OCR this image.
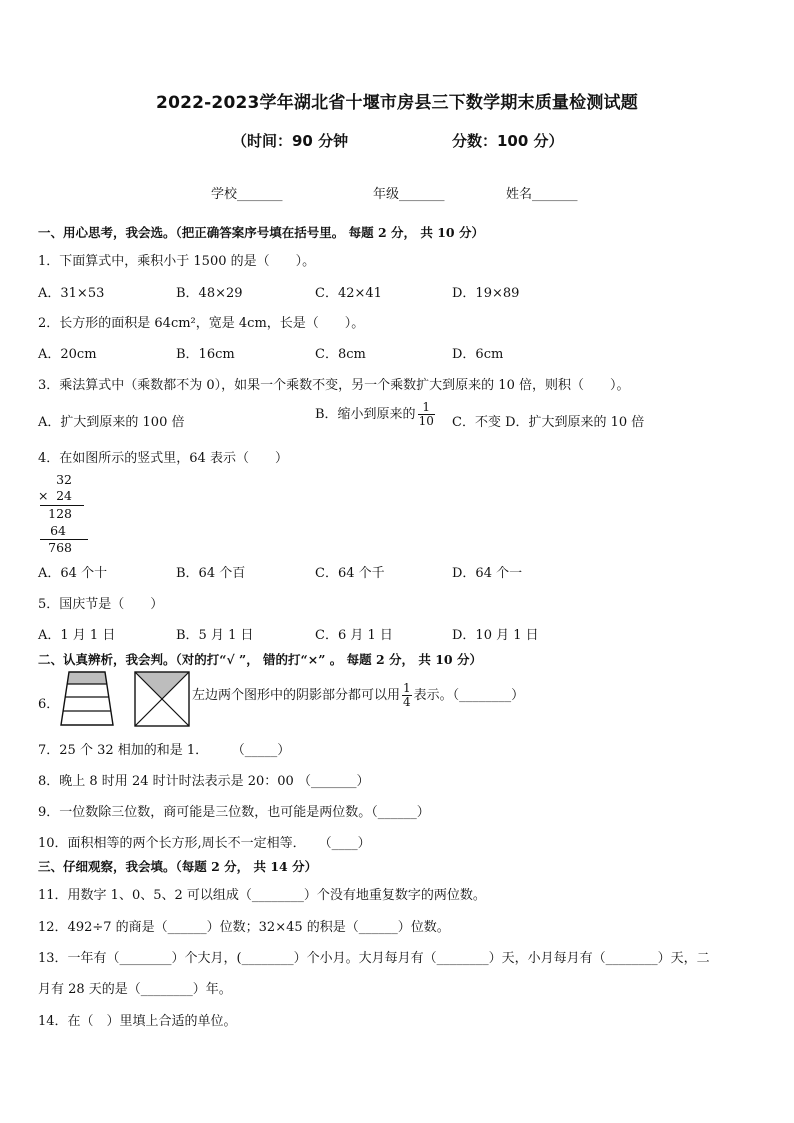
2022-2023学年湖北省十堰市房县三下数学期末质量检测试题
（时间：90 分钟	分数：100 分）
学校_______	年级_______	姓名_______
一、用心思考，我会选。（把正确答案序号填在括号里。 每题 2 分， 共 10 分）
1．下面算式中，乘积小于 1500 的是（　　）。
A．31×53	B．48×29	C．42×41	D．19×89
2．长方形的面积是 64cm²，宽是 4cm，长是（　　）。
A．20cm	B．16cm	C．8cm	D．6cm
3．乘法算式中（乘数都不为 0），如果一个乘数不变，另一个乘数扩大到原来的 10 倍，则积（　　）。
A．扩大到原来的 100 倍
B．缩小到原来的 $\frac{1}{10}$ C．不变 D．扩大到原来的 10 倍
4．在如图所示的竖式里，64 表示（　　）
32
× 24
128
64
768
A．64 个十	B．64 个百	C．64 个千	D．64 个一
5．国庆节是（　　）
A．1 月 1 日	B．5 月 1 日	C．6 月 1 日	D．10 月 1 日
二、认真辨析，我会判。（对的打“√ ”， 错的打“×” 。 每题 2 分， 共 10 分）
6．
左边两个图形中的阴影部分都可以用 $\frac{1}{4}$ 表示。（________）
7．25 个 32 相加的和是 1．　　 （_____）
8．晚上 8 时用 24 时计时法表示是 20：00 （_______）
9．一位数除三位数，商可能是三位数，也可能是两位数。（______）
10．面积相等的两个长方形,周长不一定相等．　　（____）
三、仔细观察，我会填。（每题 2 分， 共 14 分）
11．用数字 1、0、5、2 可以组成（________）个没有地重复数字的两位数。
12．492÷7 的商是（______）位数；32×45 的积是（______）位数。
13．一年有（________）个大月，(________）个小月。大月每月有（________）天，小月每月有（________）天，二
月有 28 天的是（________）年。
14．在（　）里填上合适的单位。
